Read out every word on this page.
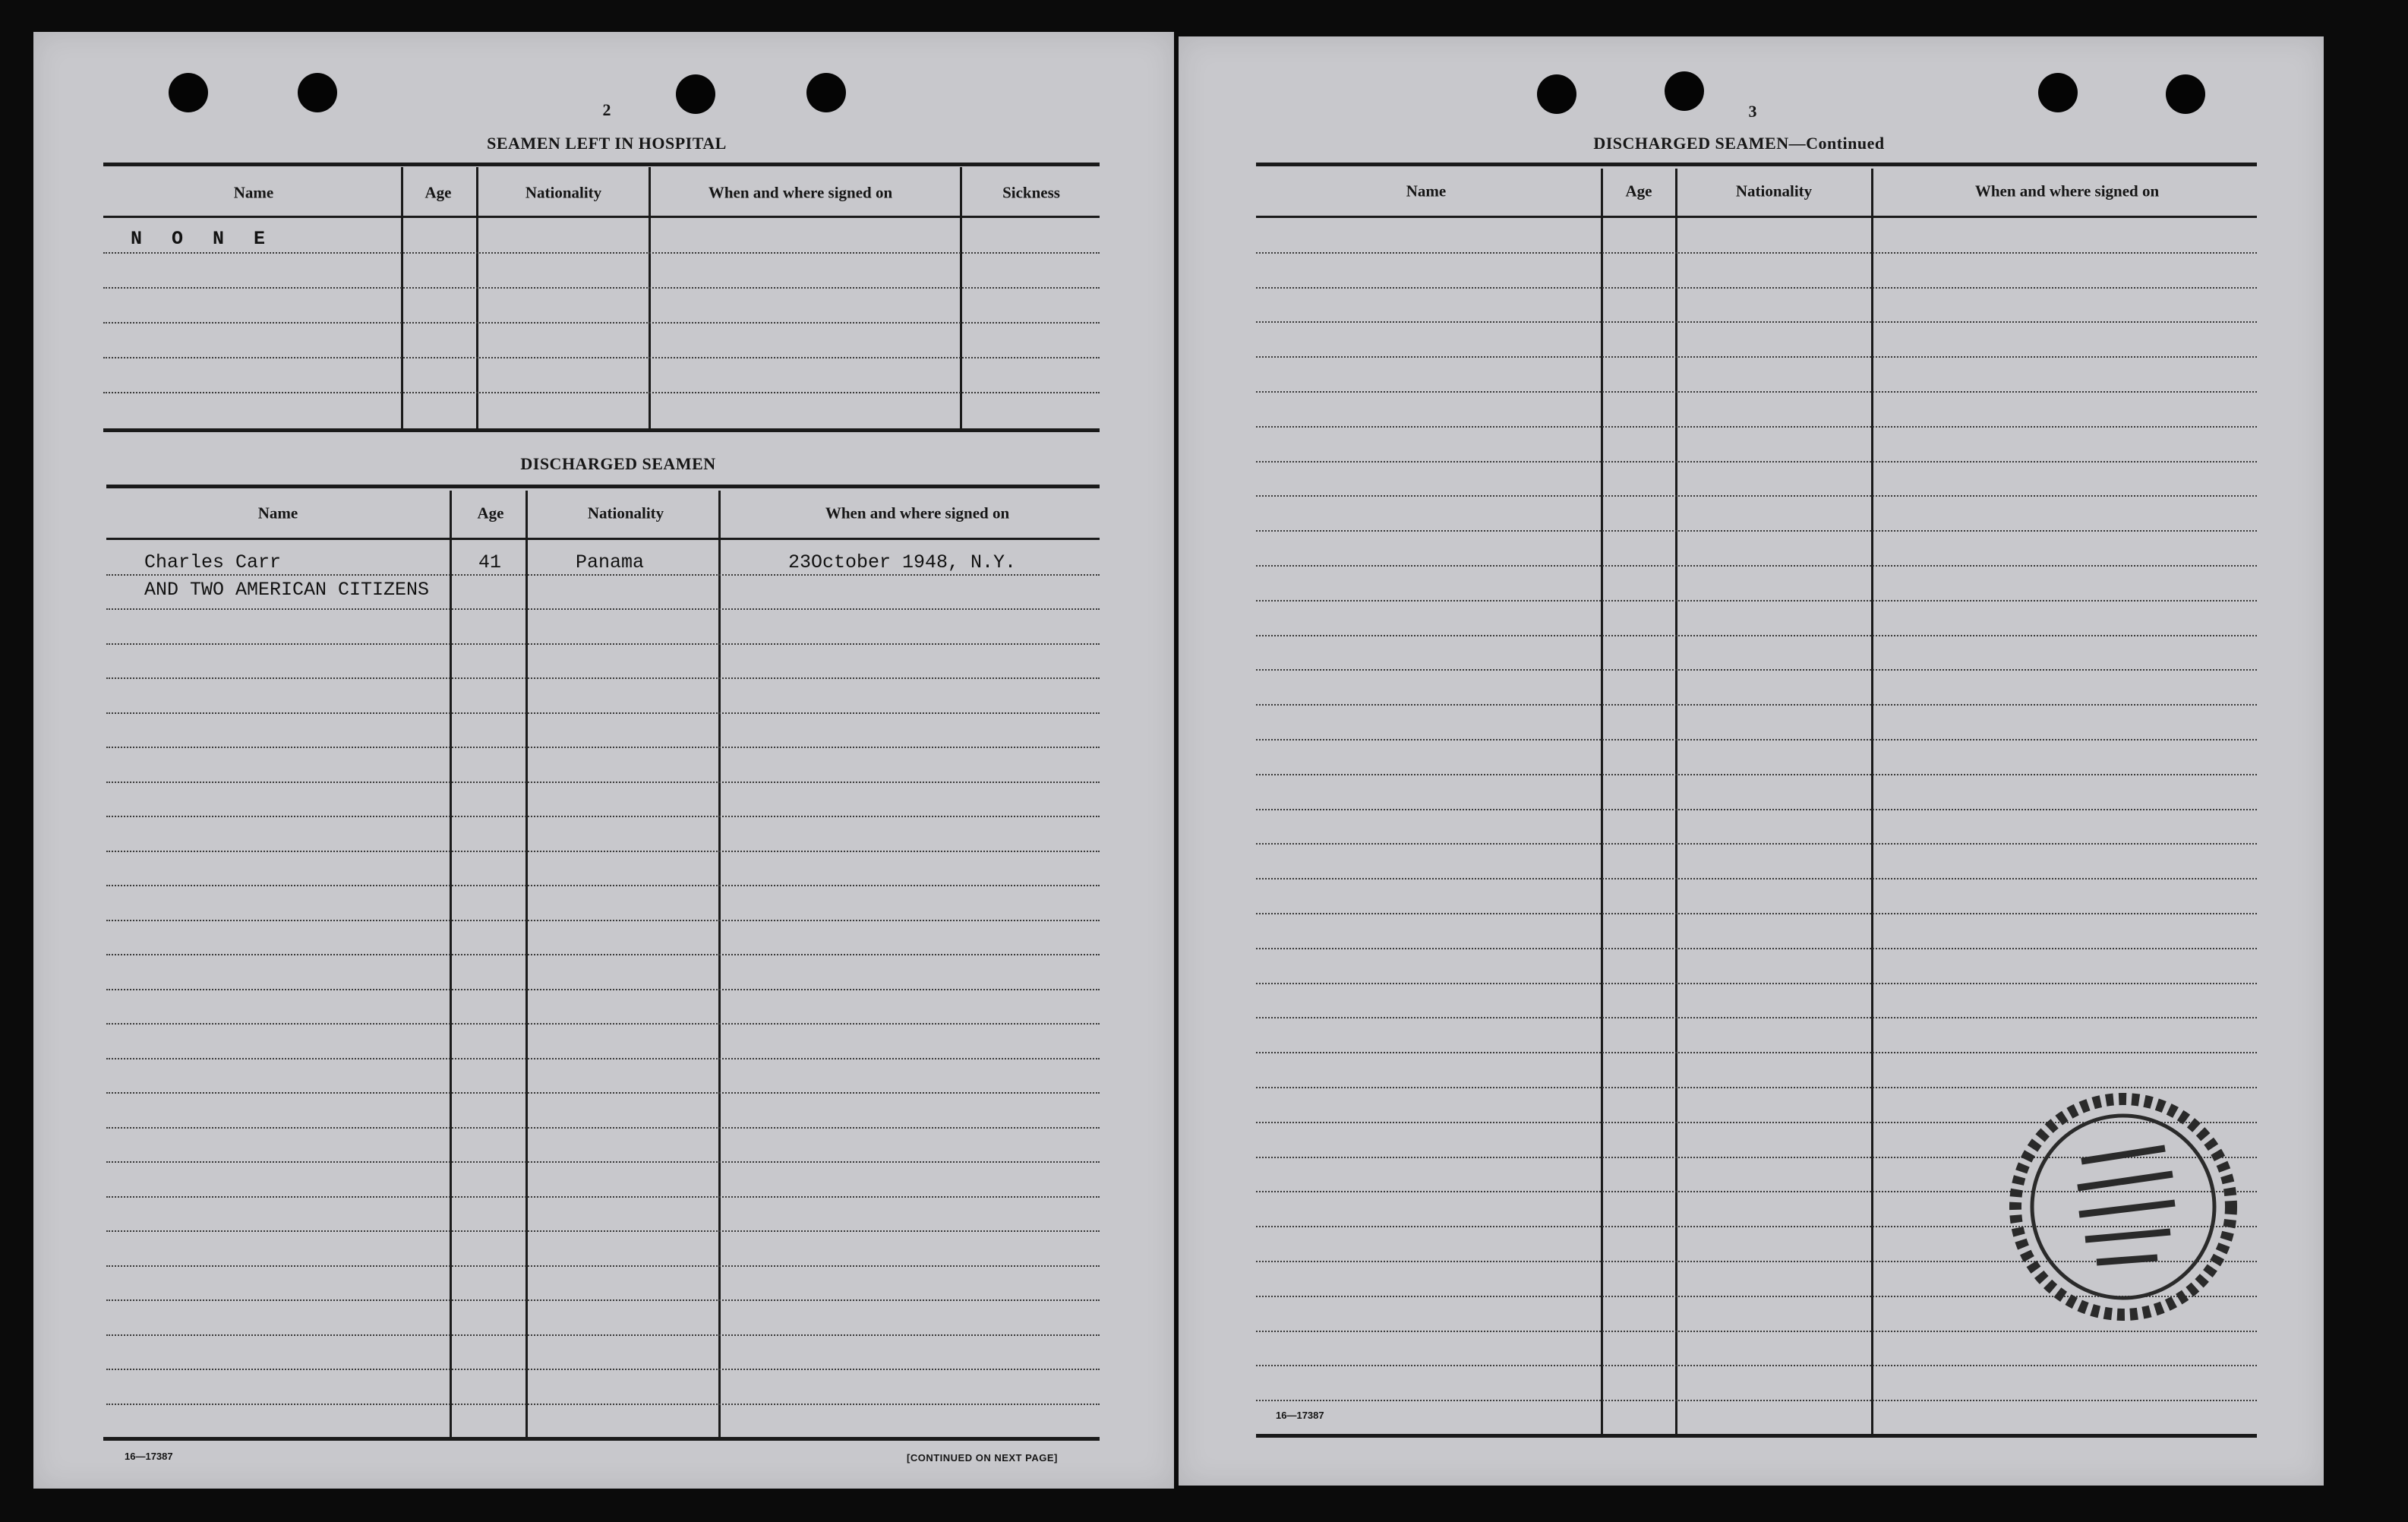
2
SEAMEN LEFT IN HOSPITAL
Name	Age	Nationality	When and where signed on	Sickness
N O N E
DISCHARGED SEAMEN
Name	Age	Nationality	When and where signed on
Charles Carr	41	Panama	23October 1948, N.Y.
AND TWO AMERICAN CITIZENS
16—17387	[CONTINUED ON NEXT PAGE]
3
DISCHARGED SEAMEN—Continued
Name	Age	Nationality	When and where signed on
16—17387
